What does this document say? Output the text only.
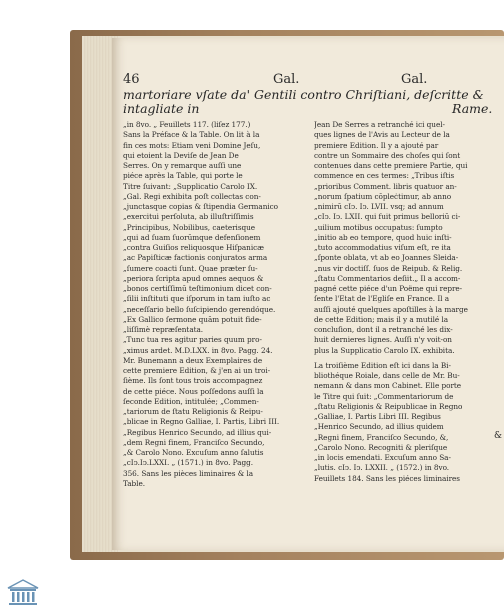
46	Gal.	Gal.
martoriare vſate da' Gentili contro Chriſtiani, deſcritte & intagliate in	Rame.
„in 8vo. „ Feuillets 117. (liſez 177.)
Sans la Préface & la Table. On lit à la
fin ces mots: Etiam veni Domine Jeſu,
qui etoient la Deviſe de Jean De
Serres. On y remarque auſſi une
piéce après la Table, qui porte le
Titre ſuivant: „Supplicatio Carolo IX.
„Gal. Regi exhibita poſt collectas con-
„junctasque copias & ſtipendia Germanico
„exercitui perſoluta, ab illuſtriſſimis
„Principibus, Nobilibus, caeterisque
„qui ad ſuam ſuorūmque defenſionem
„contra Guiſios reliquosque Hiſpanicæ
„ac Papiſticæ factionis conjuratos arma
„ſumere coacti ſunt. Quae præter ſu-
„periora ſcripta apud omnes aequos &
„bonos certiſſimū teſtimonium dicet con-
„ſilii inſtituti que iſporum in tam iuſto ac
„neceſſario bello ſuſcipiendo gerendóque.
„Ex Gallico ſermone quām potuit fide-
„liſſimè repræſentata.
„Tunc tua res agitur paries quum pro-
„ximus ardet. M.D.LXX. in 8vo. Pagg. 24.
Mr. Bunemann a deux Exemplaires de
cette premiere Edition, & j'en ai un troi-
ſième. Ils ſont tous trois accompagnez
de cette piéce. Nous poſſedons auſſi la
ſeconde Edition, intitulée; „Commen-
„tariorum de ſtatu Religionis & Reipu-
„blicae in Regno Galliae, I. Partis, Libri III.
„Regibus Henrico Secundo, ad illius qui-
„dem Regni finem, Franciſco Secundo,
„& Carolo Nono. Excuſum anno ſalutis
„cIↄ.Iↄ.LXXI. „ (1571.) in 8vo. Pagg.
356. Sans les pièces liminaires & la
Table.
Jean De Serres a retranché ici quel-
ques lignes de l'Avis au Lecteur de la
premiere Edition. Il y a ajouté par
contre un Sommaire des choſes qui ſont
contenues dans cette premiere Partie, qui
commence en ces termes: „Tribus iſtis
„prioribus Comment. libris quatuor an-
„norum ſpatium cōpleċtimur, ab anno
„nimirū cIↄ. Iↄ. LVII. vsq; ad annum
„cIↄ. Iↄ. LXII. qui fuit primus belloriū ci-
„uilium motibus occupatus: ſumpto
„initio ab eo tempore, quod huic inſti-
„tuto accommodatius viſum eſt, re ita
„ſponte oblata, vt ab eo Joannes Sleida-
„nus vir doctiſſ. ſuos de Reipub. & Relig.
„ſtatu Commentarios deſiit.„ Il a accom-
pagné cette piéce d'un Poëme qui repre-
ſente l'Etat de l'Egliſe en France. Il a
auſſi ajouté quelques apoſtilles à la marge
de cette Edition; mais il y a mutilé la
concluſion, dont il a retranché les dix-
huit dernieres lignes. Auſſi n'y voit-on
plus la Supplicatio Carolo IX. exhibita.
La troiſième Edition eſt ici dans la Bi-
bliothéque Roiale, dans celle de Mr. Bu-
nemann & dans mon Cabinet. Elle porte
le Titre qui ſuit: „Commentariorum de
„ſtatu Religionis & Reipublicae in Regno
„Galliae, I. Partis Libri III. Regibus
„Henrico Secundo, ad illius quidem
„Regni finem, Franciſco Secundo, &,
„Carolo Nono. Recogniti & pleriſque
„in locis emendati. Excuſum anno Sa-
„lutis. cIↄ. Iↄ. LXXII. „ (1572.) in 8vo.
Feuillets 184. Sans les piéces liminaires
&
